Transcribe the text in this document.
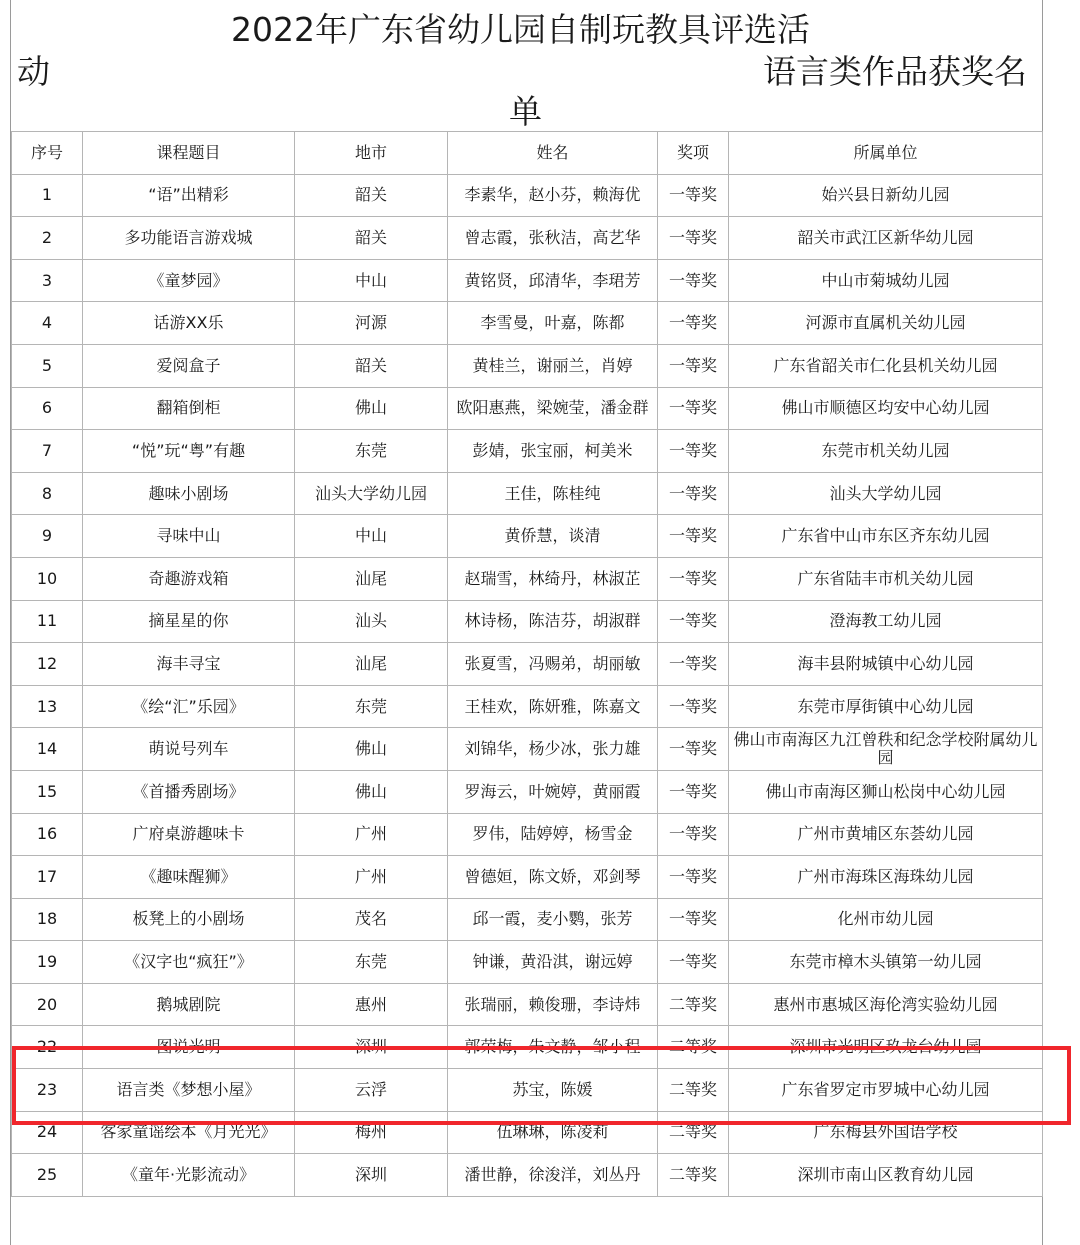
2022年广东省幼儿园自制玩教具评选活
动	语言类作品获奖名
单
序号	课程题目	地市	姓名	奖项	所属单位
1	“语”出精彩	韶关	李素华，赵小芬，赖海优	一等奖	始兴县日新幼儿园
2	多功能语言游戏城	韶关	曾志霞，张秋洁，高艺华	一等奖	韶关市武江区新华幼儿园
3	《童梦园》	中山	黄铭贤，邱清华，李珺芳	一等奖	中山市菊城幼儿园
4	话游XX乐	河源	李雪曼，叶嘉，陈都	一等奖	河源市直属机关幼儿园
5	爱阅盒子	韶关	黄桂兰，谢丽兰，肖婷	一等奖	广东省韶关市仁化县机关幼儿园
6	翻箱倒柜	佛山	欧阳惠燕，梁婉莹，潘金群	一等奖	佛山市顺德区均安中心幼儿园
7	“悦”玩“粤”有趣	东莞	彭婧，张宝丽，柯美米	一等奖	东莞市机关幼儿园
8	趣味小剧场	汕头大学幼儿园	王佳，陈桂纯	一等奖	汕头大学幼儿园
9	寻味中山	中山	黄侨慧，谈清	一等奖	广东省中山市东区齐东幼儿园
10	奇趣游戏箱	汕尾	赵瑞雪，林绮丹，林淑芷	一等奖	广东省陆丰市机关幼儿园
11	摘星星的你	汕头	林诗杨，陈洁芬，胡淑群	一等奖	澄海教工幼儿园
12	海丰寻宝	汕尾	张夏雪，冯赐弟，胡丽敏	一等奖	海丰县附城镇中心幼儿园
13	《绘“汇”乐园》	东莞	王桂欢，陈妍雅，陈嘉文	一等奖	东莞市厚街镇中心幼儿园
14	萌说号列车	佛山	刘锦华，杨少冰，张力雄	一等奖	佛山市南海区九江曾秩和纪念学校附属幼儿园
15	《首播秀剧场》	佛山	罗海云，叶婉婷，黄丽霞	一等奖	佛山市南海区狮山松岗中心幼儿园
16	广府桌游趣味卡	广州	罗伟，陆婷婷，杨雪金	一等奖	广州市黄埔区东荟幼儿园
17	《趣味醒狮》	广州	曾德姮，陈文娇，邓剑琴	一等奖	广州市海珠区海珠幼儿园
18	板凳上的小剧场	茂名	邱一霞，麦小鹦，张芳	一等奖	化州市幼儿园
19	《汉字也“疯狂”》	东莞	钟谦，黄沿淇，谢远婷	一等奖	东莞市樟木头镇第一幼儿园
20	鹅城剧院	惠州	张瑞丽，赖俊珊，李诗炜	二等奖	惠州市惠城区海伦湾实验幼儿园
22	图说光明	深圳	郭荣梅，朱文静，邹小程	二等奖	深圳市光明区玖龙台幼儿园
23	语言类《梦想小屋》	云浮	苏宝，陈媛	二等奖	广东省罗定市罗城中心幼儿园
24	客家童谣绘本《月光光》	梅州	伍琳琳，陈凌莉	二等奖	广东梅县外国语学校
25	《童年·光影流动》	深圳	潘世静，徐浚洋，刘丛丹	二等奖	深圳市南山区教育幼儿园
